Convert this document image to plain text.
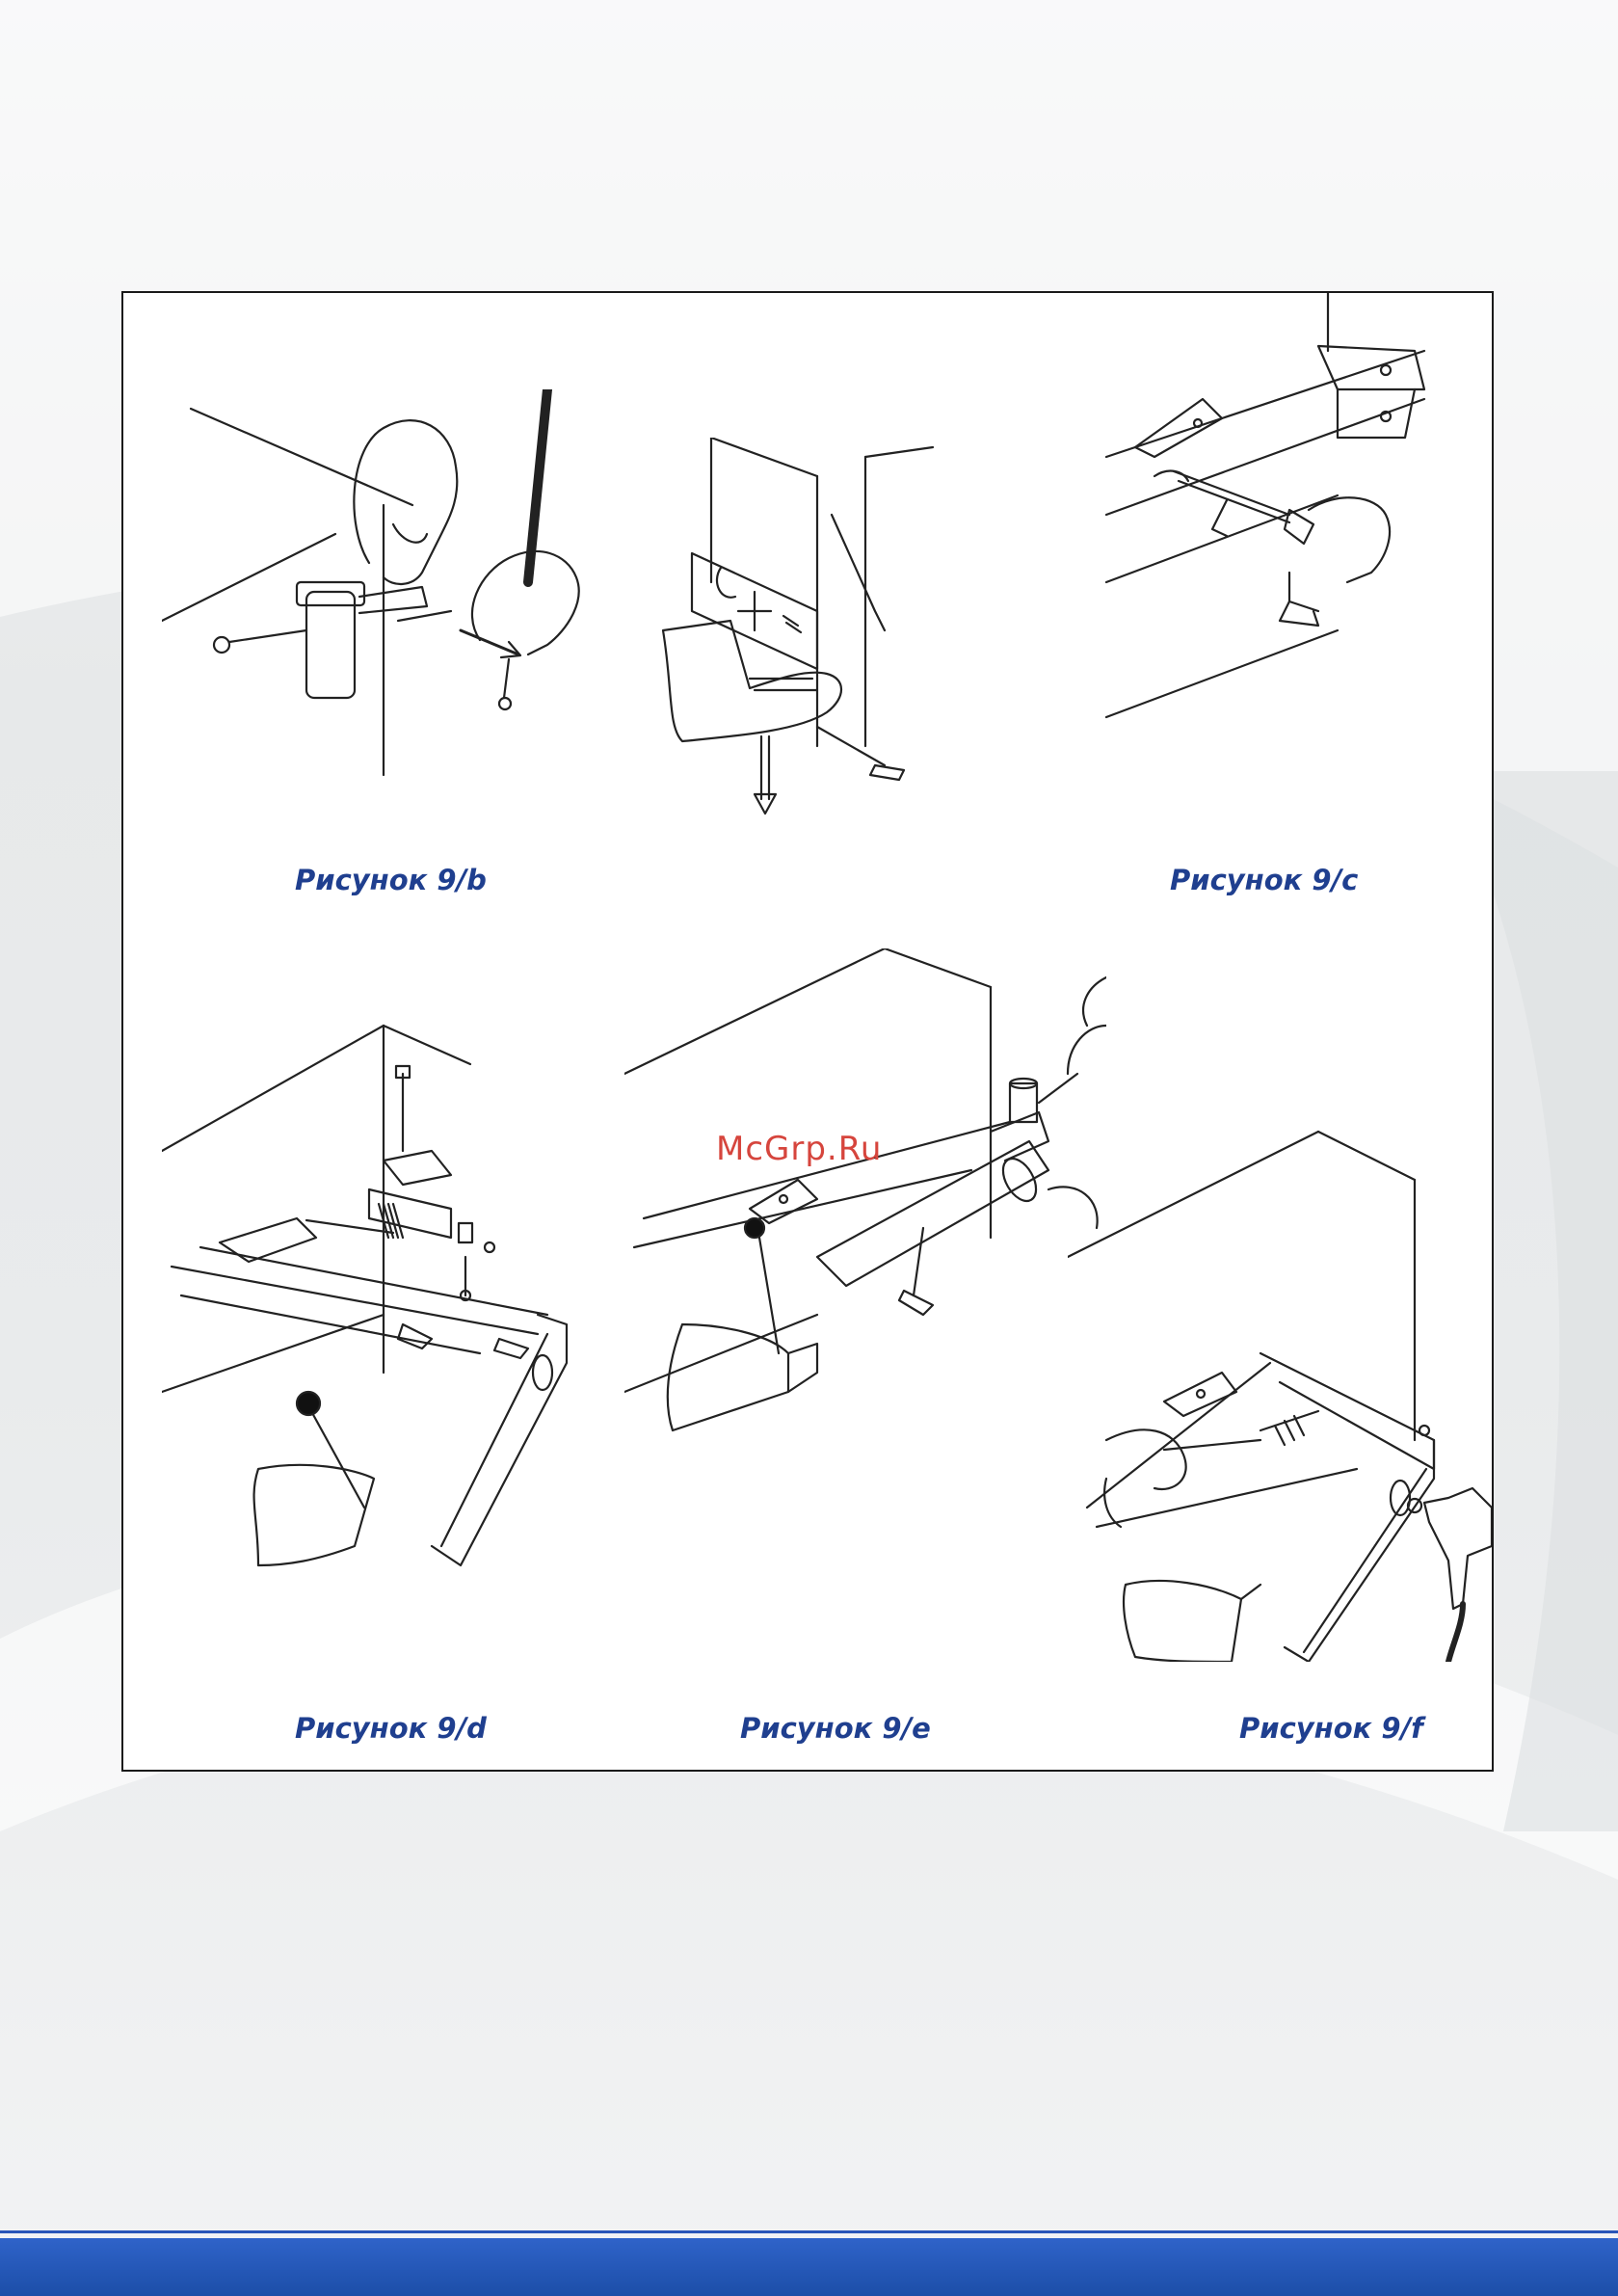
Рисунок 9/b	Рисунок 9/c
Рисунок 9/d	Рисунок 9/e	Рисунок 9/f
McGrp.Ru
